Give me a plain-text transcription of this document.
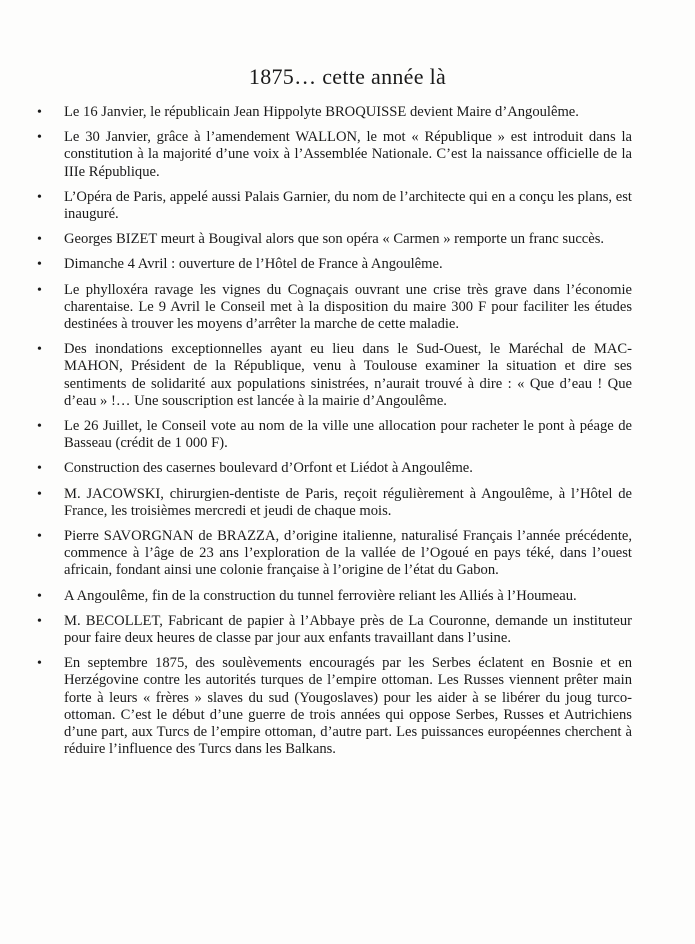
1875… cette année là
• Le 16 Janvier, le républicain Jean Hippolyte BROQUISSE devient Maire d’Angoulême.
• Le 30 Janvier, grâce à l’amendement WALLON, le mot « République » est introduit dans la constitution à la majorité d’une voix à l’Assemblée Nationale. C’est la naissance officielle de la IIIe République.
• L’Opéra de Paris, appelé aussi Palais Garnier, du nom de l’architecte qui en a conçu les plans, est inauguré.
• Georges BIZET meurt à Bougival alors que son opéra « Carmen » remporte un franc succès.
• Dimanche 4 Avril : ouverture de l’Hôtel de France à Angoulême.
• Le phylloxéra ravage les vignes du Cognaçais ouvrant une crise très grave dans l’économie charentaise. Le 9 Avril le Conseil met à la disposition du maire 300 F pour faciliter les études destinées à trouver les moyens d’arrêter la marche de cette maladie.
• Des inondations exceptionnelles ayant eu lieu dans le Sud-Ouest, le Maréchal de MAC-MAHON, Président de la République, venu à Toulouse examiner la situation et dire ses sentiments de solidarité aux populations sinistrées, n’aurait trouvé à dire : « Que d’eau ! Que d’eau » !… Une souscription est lancée à la mairie d’Angoulême.
• Le 26 Juillet, le Conseil vote au nom de la ville une allocation pour racheter le pont à péage de Basseau (crédit de 1 000 F).
• Construction des casernes boulevard d’Orfont et Liédot à Angoulême.
• M. JACOWSKI, chirurgien-dentiste de Paris, reçoit régulièrement à Angoulême, à l’Hôtel de France, les troisièmes mercredi et jeudi de chaque mois.
• Pierre SAVORGNAN de BRAZZA, d’origine italienne, naturalisé Français l’année précédente, commence à l’âge de 23 ans l’exploration de la vallée de l’Ogoué en pays téké, dans l’ouest africain, fondant ainsi une colonie française à l’origine de l’état du Gabon.
• A Angoulême, fin de la construction du tunnel ferrovière reliant les Alliés à l’Houmeau.
• M. BECOLLET, Fabricant de papier à l’Abbaye près de La Couronne, demande un instituteur pour faire deux heures de classe par jour aux enfants travaillant dans l’usine.
• En septembre 1875, des soulèvements encouragés par les Serbes éclatent en Bosnie et en Herzégovine contre les autorités turques de l’empire ottoman. Les Russes viennent prêter main forte à leurs « frères » slaves du sud (Yougoslaves) pour les aider à se libérer du joug turco-ottoman. C’est le début d’une guerre de trois années qui oppose Serbes, Russes et Autrichiens d’une part, aux Turcs de l’empire ottoman, d’autre part. Les puissances européennes cherchent à réduire l’influence des Turcs dans les Balkans.
